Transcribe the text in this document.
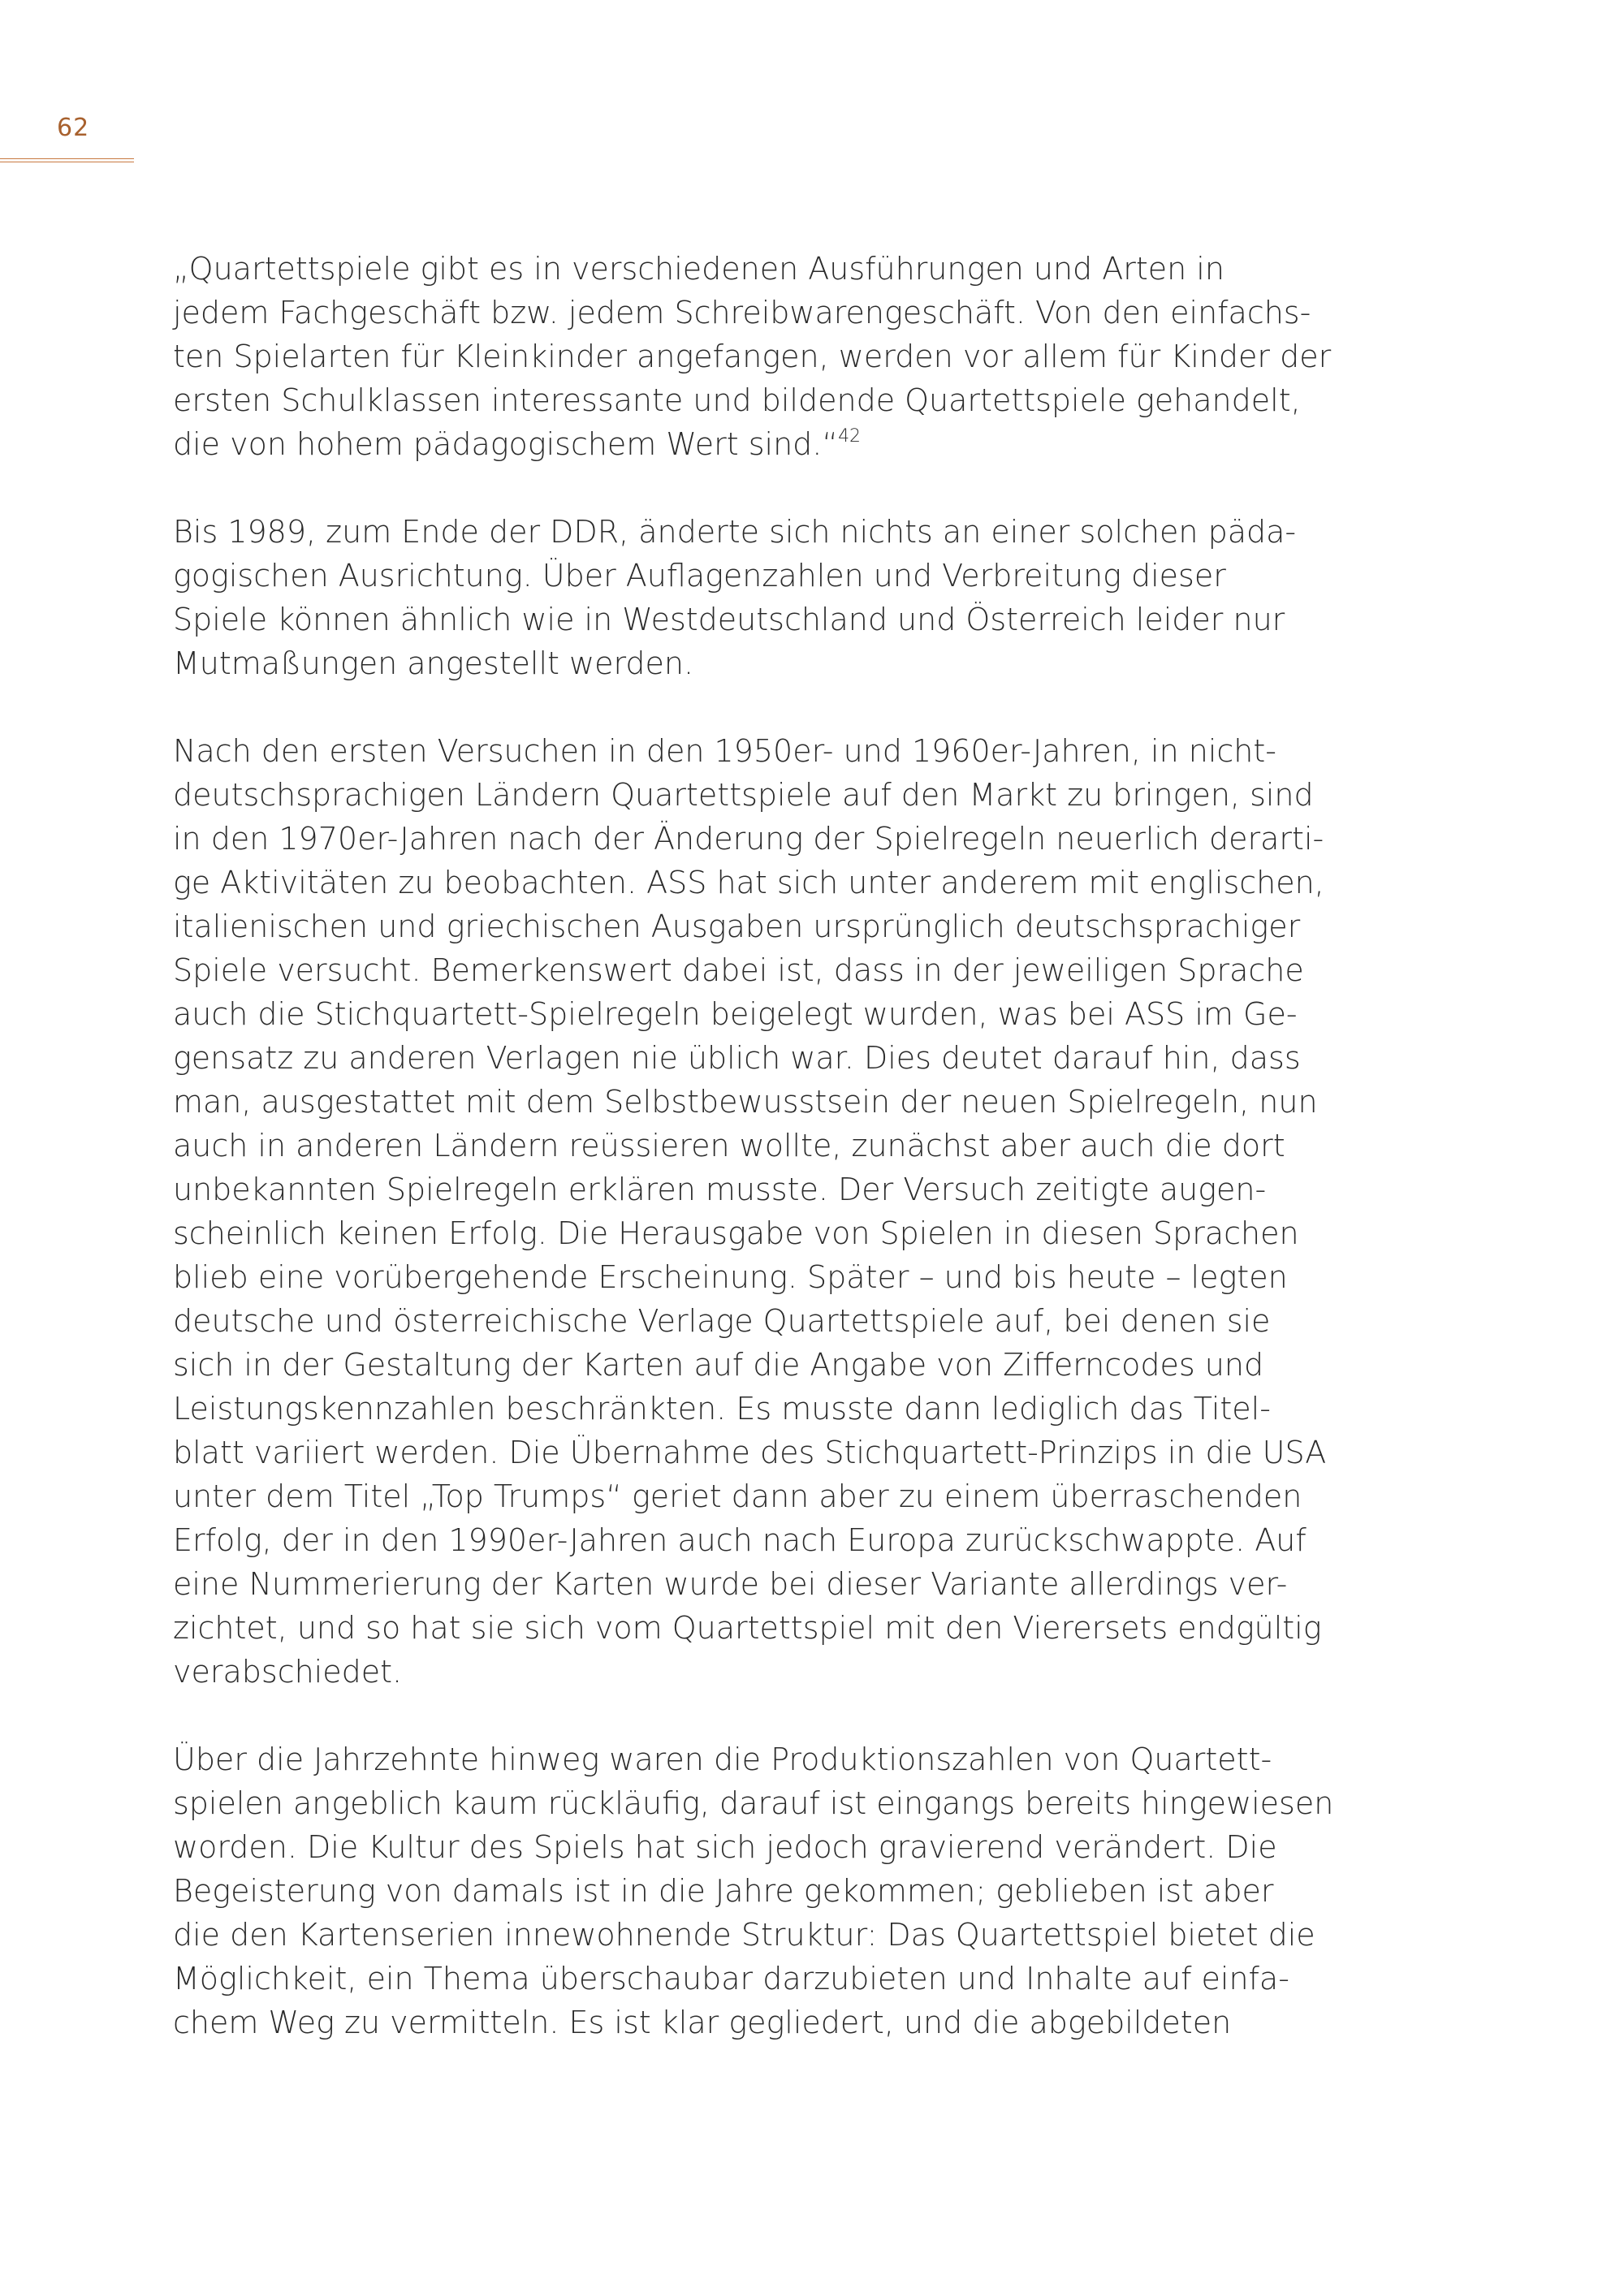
62

„Quartettspiele gibt es in verschiedenen Ausführungen und Arten in
jedem Fachgeschäft bzw. jedem Schreibwarengeschäft. Von den einfachs-
ten Spielarten für Kleinkinder angefangen, werden vor allem für Kinder der
ersten Schulklassen interessante und bildende Quartettspiele gehandelt,
die von hohem pädagogischem Wert sind.“$^{42}$

Bis 1989, zum Ende der DDR, änderte sich nichts an einer solchen päda-
gogischen Ausrichtung. Über Auflagenzahlen und Verbreitung dieser
Spiele können ähnlich wie in Westdeutschland und Österreich leider nur
Mutmaßungen angestellt werden.

Nach den ersten Versuchen in den 1950er- und 1960er-Jahren, in nicht-
deutschsprachigen Ländern Quartettspiele auf den Markt zu bringen, sind
in den 1970er-Jahren nach der Änderung der Spielregeln neuerlich derarti-
ge Aktivitäten zu beobachten. ASS hat sich unter anderem mit englischen,
italienischen und griechischen Ausgaben ursprünglich deutschsprachiger
Spiele versucht. Bemerkenswert dabei ist, dass in der jeweiligen Sprache
auch die Stichquartett-Spielregeln beigelegt wurden, was bei ASS im Ge-
gensatz zu anderen Verlagen nie üblich war. Dies deutet darauf hin, dass
man, ausgestattet mit dem Selbstbewusstsein der neuen Spielregeln, nun
auch in anderen Ländern reüssieren wollte, zunächst aber auch die dort
unbekannten Spielregeln erklären musste. Der Versuch zeitigte augen-
scheinlich keinen Erfolg. Die Herausgabe von Spielen in diesen Sprachen
blieb eine vorübergehende Erscheinung. Später – und bis heute – legten
deutsche und österreichische Verlage Quartettspiele auf, bei denen sie
sich in der Gestaltung der Karten auf die Angabe von Zifferncodes und
Leistungskennzahlen beschränkten. Es musste dann lediglich das Titel-
blatt variiert werden. Die Übernahme des Stichquartett-Prinzips in die USA
unter dem Titel „Top Trumps“ geriet dann aber zu einem überraschenden
Erfolg, der in den 1990er-Jahren auch nach Europa zurückschwappte. Auf
eine Nummerierung der Karten wurde bei dieser Variante allerdings ver-
zichtet, und so hat sie sich vom Quartettspiel mit den Vierersets endgültig
verabschiedet.

Über die Jahrzehnte hinweg waren die Produktionszahlen von Quartett-
spielen angeblich kaum rückläufig, darauf ist eingangs bereits hingewiesen
worden. Die Kultur des Spiels hat sich jedoch gravierend verändert. Die
Begeisterung von damals ist in die Jahre gekommen; geblieben ist aber
die den Kartenserien innewohnende Struktur: Das Quartettspiel bietet die
Möglichkeit, ein Thema überschaubar darzubieten und Inhalte auf einfa-
chem Weg zu vermitteln. Es ist klar gegliedert, und die abgebildeten
